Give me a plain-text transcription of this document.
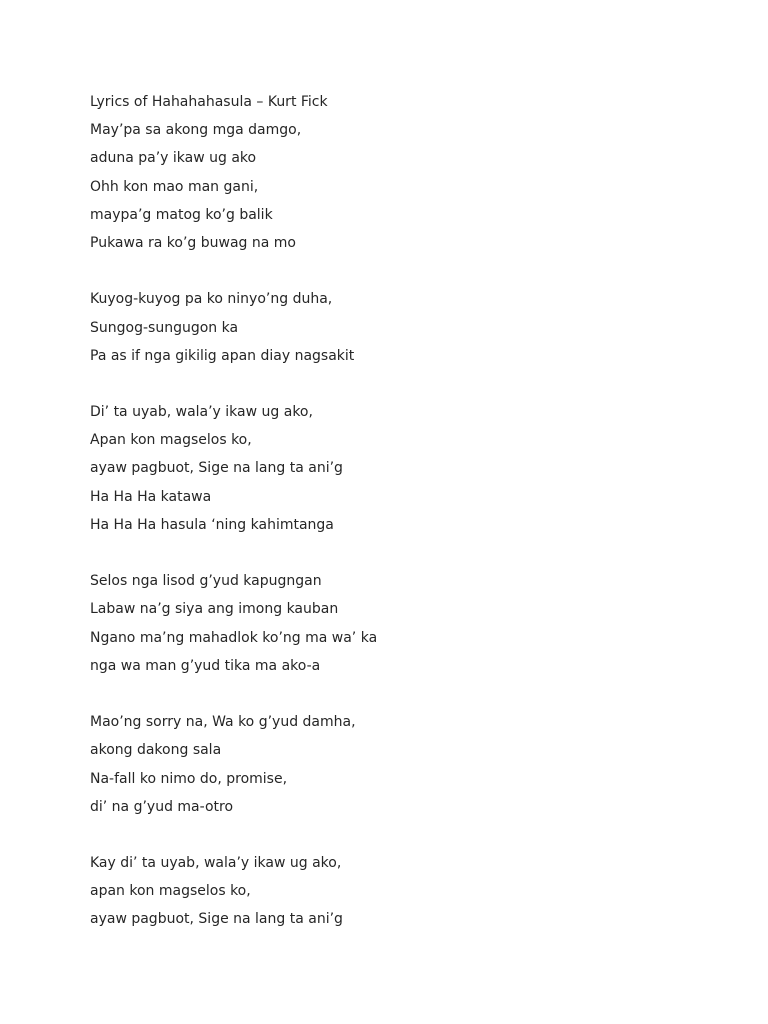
Lyrics of Hahahahasula – Kurt Fick
May’pa sa akong mga damgo,
aduna pa’y ikaw ug ako
Ohh kon mao man gani,
maypa’g matog ko’g balik
Pukawa ra ko’g buwag na mo
Kuyog-kuyog pa ko ninyo’ng duha,
Sungog-sungugon ka
Pa as if nga gikilig apan diay nagsakit
Di’ ta uyab, wala’y ikaw ug ako,
Apan kon magselos ko,
ayaw pagbuot, Sige na lang ta ani’g
Ha Ha Ha katawa
Ha Ha Ha hasula ‘ning kahimtanga
Selos nga lisod g’yud kapugngan
Labaw na’g siya ang imong kauban
Ngano ma’ng mahadlok ko’ng ma wa’ ka
nga wa man g’yud tika ma ako-a
Mao’ng sorry na, Wa ko g’yud damha,
akong dakong sala
Na-fall ko nimo do, promise,
di’ na g’yud ma-otro
Kay di’ ta uyab, wala’y ikaw ug ako,
apan kon magselos ko,
ayaw pagbuot, Sige na lang ta ani’g
